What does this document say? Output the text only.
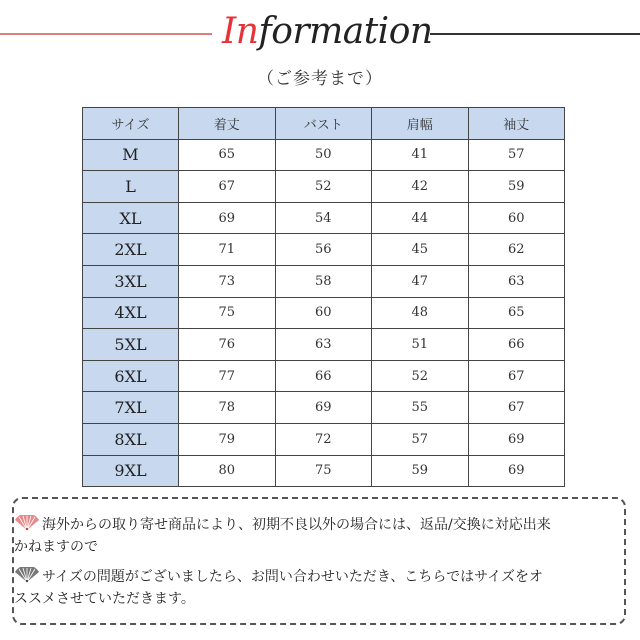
Information
（ご参考まで）
サイズ	着丈	バスト	肩幅	袖丈
M	65	50	41	57
L	67	52	42	59
XL	69	54	44	60
2XL	71	56	45	62
3XL	73	58	47	63
4XL	75	60	48	65
5XL	76	63	51	66
6XL	77	66	52	67
7XL	78	69	55	67
8XL	79	72	57	69
9XL	80	75	59	69
海外からの取り寄せ商品により、初期不良以外の場合には、返品/交換に対応出来
かねますので
サイズの問題がございましたら、お問い合わせいただき、こちらではサイズをオ
ススメさせていただきます。
